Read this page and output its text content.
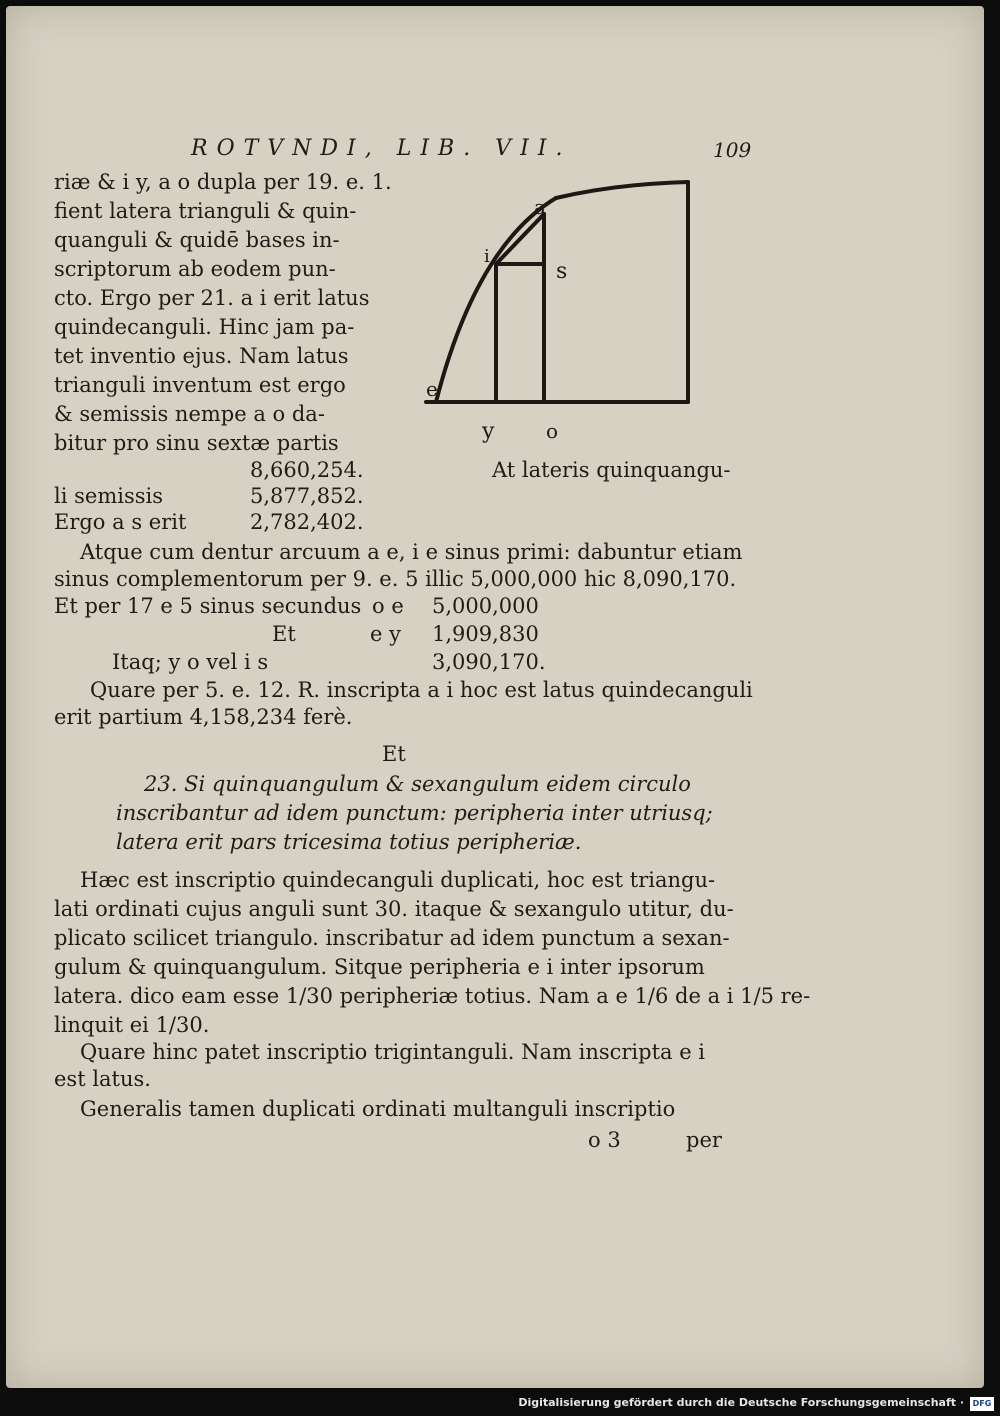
ROTVNDI, LIB. VII.	109
riæ & i y, a o dupla per 19. e. 1.
fient latera trianguli & quin-
quanguli & quidē bases in-
scriptorum ab eodem pun-
cto. Ergo per 21. a i erit latus
quindecanguli. Hinc jam pa-
tet inventio ejus. Nam latus
trianguli inventum est ergo
& semissis nempe a o da-
bitur pro sinu sextæ partis
a
i
s
e
y	o
At lateris quinquangu-
8,660,254.
li semissis	5,877,852.
Ergo a s erit	2,782,402.
Atque cum dentur arcuum a e, i e sinus primi: dabuntur etiam
sinus complementorum per 9. e. 5 illic 5,000,000 hic 8,090,170.
Et per 17 e 5 sinus secundus o e 5,000,000
Et	e y 1,909,830
Itaq; y o vel i s	3,090,170.
Quare per 5. e. 12. R. inscripta a i hoc est latus quindecanguli
erit partium 4,158,234 ferè.
Et
23. Si quinquangulum & sexangulum eidem circulo
inscribantur ad idem punctum: peripheria inter utriusq;
latera erit pars tricesima totius peripheriæ.
Hæc est inscriptio quindecanguli duplicati, hoc est triangu-
lati ordinati cujus anguli sunt 30. itaque & sexangulo utitur, du-
plicato scilicet triangulo. inscribatur ad idem punctum a sexan-
gulum & quinquangulum. Sitque peripheria e i inter ipsorum
latera. dico eam esse 1/30 peripheriæ totius. Nam a e 1/6 de a i 1/5 re-
linquit ei 1/30.
Quare hinc patet inscriptio trigintanguli. Nam inscripta e i
est latus.
Generalis tamen duplicati ordinati multanguli inscriptio
o 3	per
Digitalisierung gefördert durch die Deutsche Forschungsgemeinschaft ·	DFG
